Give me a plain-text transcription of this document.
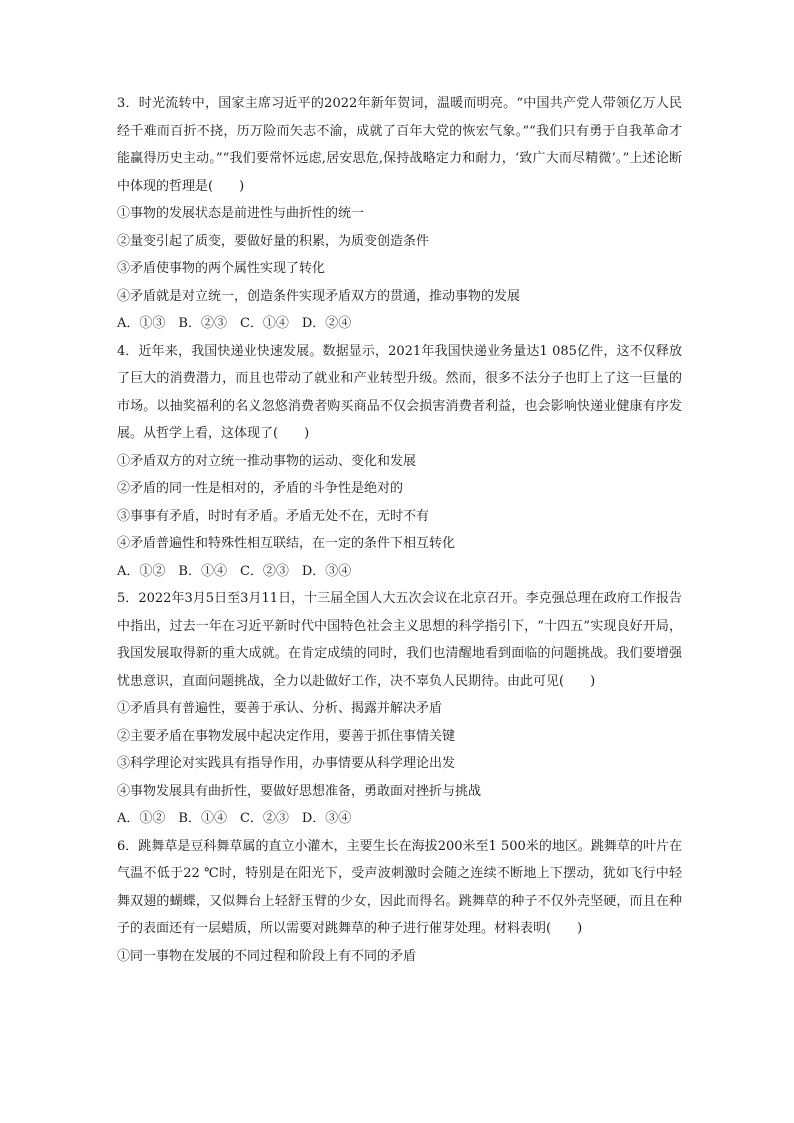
3．时光流转中，国家主席习近平的2022年新年贺词，温暖而明亮。“中国共产党人带领亿万人民经千难而百折不挠，历万险而矢志不渝，成就了百年大党的恢宏气象。”“我们只有勇于自我革命才能赢得历史主动。”“我们要常怀远虑,居安思危,保持战略定力和耐力，‘致广大而尽精微’。”上述论断中体现的哲理是(　　)

①事物的发展状态是前进性与曲折性的统一

②量变引起了质变，要做好量的积累，为质变创造条件

③矛盾使事物的两个属性实现了转化

④矛盾就是对立统一，创造条件实现矛盾双方的贯通，推动事物的发展

A．①③　B．②③　C．①④　D．②④

4．近年来，我国快递业快速发展。数据显示，2021年我国快递业务量达1 085亿件，这不仅释放了巨大的消费潜力，而且也带动了就业和产业转型升级。然而，很多不法分子也盯上了这一巨量的市场。以抽奖福利的名义忽悠消费者购买商品不仅会损害消费者利益，也会影响快递业健康有序发展。从哲学上看，这体现了(　　)

①矛盾双方的对立统一推动事物的运动、变化和发展

②矛盾的同一性是相对的，矛盾的斗争性是绝对的

③事事有矛盾，时时有矛盾。矛盾无处不在，无时不有

④矛盾普遍性和特殊性相互联结，在一定的条件下相互转化

A．①②　B．①④　C．②③　D．③④

5．2022年3月5日至3月11日，十三届全国人大五次会议在北京召开。李克强总理在政府工作报告中指出，过去一年在习近平新时代中国特色社会主义思想的科学指引下，“十四五”实现良好开局，我国发展取得新的重大成就。在肯定成绩的同时，我们也清醒地看到面临的问题挑战。我们要增强忧患意识，直面问题挑战，全力以赴做好工作，决不辜负人民期待。由此可见(　　)

①矛盾具有普遍性，要善于承认、分析、揭露并解决矛盾

②主要矛盾在事物发展中起决定作用，要善于抓住事情关键

③科学理论对实践具有指导作用，办事情要从科学理论出发

④事物发展具有曲折性，要做好思想准备，勇敢面对挫折与挑战

A．①②　B．①④　C．②③　D．③④

6．跳舞草是豆科舞草属的直立小灌木，主要生长在海拔200米至1 500米的地区。跳舞草的叶片在气温不低于22 ℃时，特别是在阳光下，受声波刺激时会随之连续不断地上下摆动，犹如飞行中轻舞双翅的蝴蝶，又似舞台上轻舒玉臂的少女，因此而得名。跳舞草的种子不仅外壳坚硬，而且在种子的表面还有一层蜡质，所以需要对跳舞草的种子进行催芽处理。材料表明(　　)

①同一事物在发展的不同过程和阶段上有不同的矛盾
